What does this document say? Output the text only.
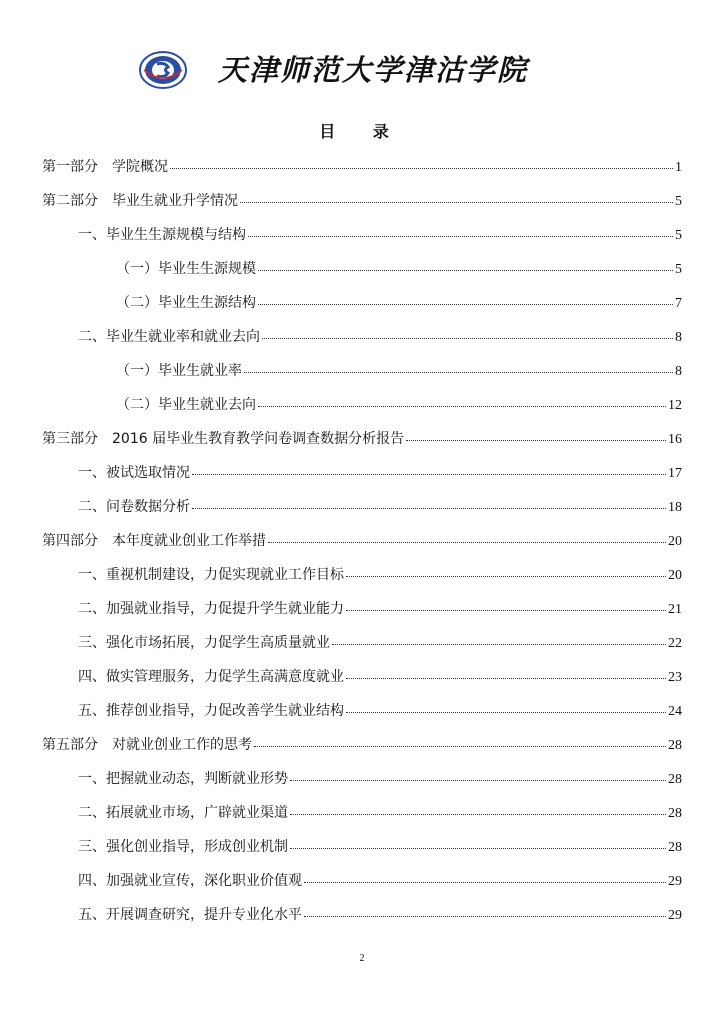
天津师范大学津沽学院
目 录
第一部分　学院概况	1
第二部分　毕业生就业升学情况	5
一、毕业生生源规模与结构	5
（一）毕业生生源规模	5
（二）毕业生生源结构	7
二、毕业生就业率和就业去向	8
（一）毕业生就业率	8
（二）毕业生就业去向	12
第三部分　2016 届毕业生教育教学问卷调查数据分析报告	16
一、被试选取情况	17
二、问卷数据分析	18
第四部分　本年度就业创业工作举措	20
一、重视机制建设，力促实现就业工作目标	20
二、加强就业指导，力促提升学生就业能力	21
三、强化市场拓展，力促学生高质量就业	22
四、做实管理服务，力促学生高满意度就业	23
五、推荐创业指导，力促改善学生就业结构	24
第五部分　对就业创业工作的思考	28
一、把握就业动态，判断就业形势	28
二、拓展就业市场，广辟就业渠道	28
三、强化创业指导，形成创业机制	28
四、加强就业宣传，深化职业价值观	29
五、开展调查研究，提升专业化水平	29
2
